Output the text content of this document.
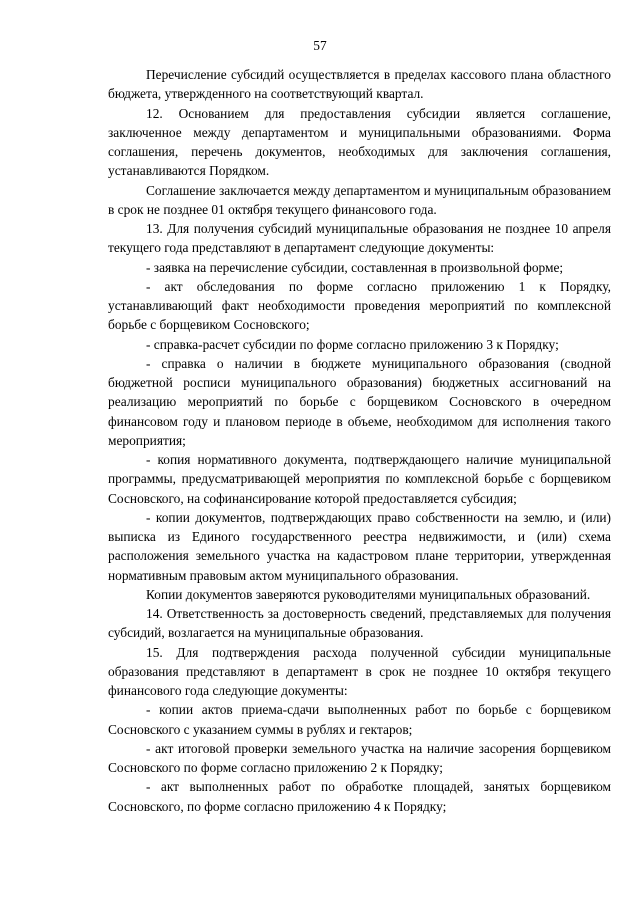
57

Перечисление субсидий осуществляется в пределах кассового плана областного бюджета, утвержденного на соответствующий квартал.

12. Основанием для предоставления субсидии является соглашение, заключенное между департаментом и муниципальными образованиями. Форма соглашения, перечень документов, необходимых для заключения соглашения, устанавливаются Порядком.

Соглашение заключается между департаментом и муниципальным образованием в срок не позднее 01 октября текущего финансового года.

13. Для получения субсидий муниципальные образования не позднее 10 апреля текущего года представляют в департамент следующие документы:

- заявка на перечисление субсидии, составленная в произвольной форме;

- акт обследования по форме согласно приложению 1 к Порядку, устанавливающий факт необходимости проведения мероприятий по комплексной борьбе с борщевиком Сосновского;

- справка-расчет субсидии по форме согласно приложению 3 к Порядку;

- справка о наличии в бюджете муниципального образования (сводной бюджетной росписи муниципального образования) бюджетных ассигнований на реализацию мероприятий по борьбе с борщевиком Сосновского в очередном финансовом году и плановом периоде в объеме, необходимом для исполнения такого мероприятия;

- копия нормативного документа, подтверждающего наличие муниципальной программы, предусматривающей мероприятия по комплексной борьбе с борщевиком Сосновского, на софинансирование которой предоставляется субсидия;

- копии документов, подтверждающих право собственности на землю, и (или) выписка из Единого государственного реестра недвижимости, и (или) схема расположения земельного участка на кадастровом плане территории, утвержденная нормативным правовым актом муниципального образования.

Копии документов заверяются руководителями муниципальных образований.

14. Ответственность за достоверность сведений, представляемых для получения субсидий, возлагается на муниципальные образования.

15. Для подтверждения расхода полученной субсидии муниципальные образования представляют в департамент в срок не позднее 10 октября текущего финансового года следующие документы:

- копии актов приема-сдачи выполненных работ по борьбе с борщевиком Сосновского с указанием суммы в рублях и гектаров;

- акт итоговой проверки земельного участка на наличие засорения борщевиком Сосновского по форме согласно приложению 2 к Порядку;

- акт выполненных работ по обработке площадей, занятых борщевиком Сосновского, по форме согласно приложению 4 к Порядку;
